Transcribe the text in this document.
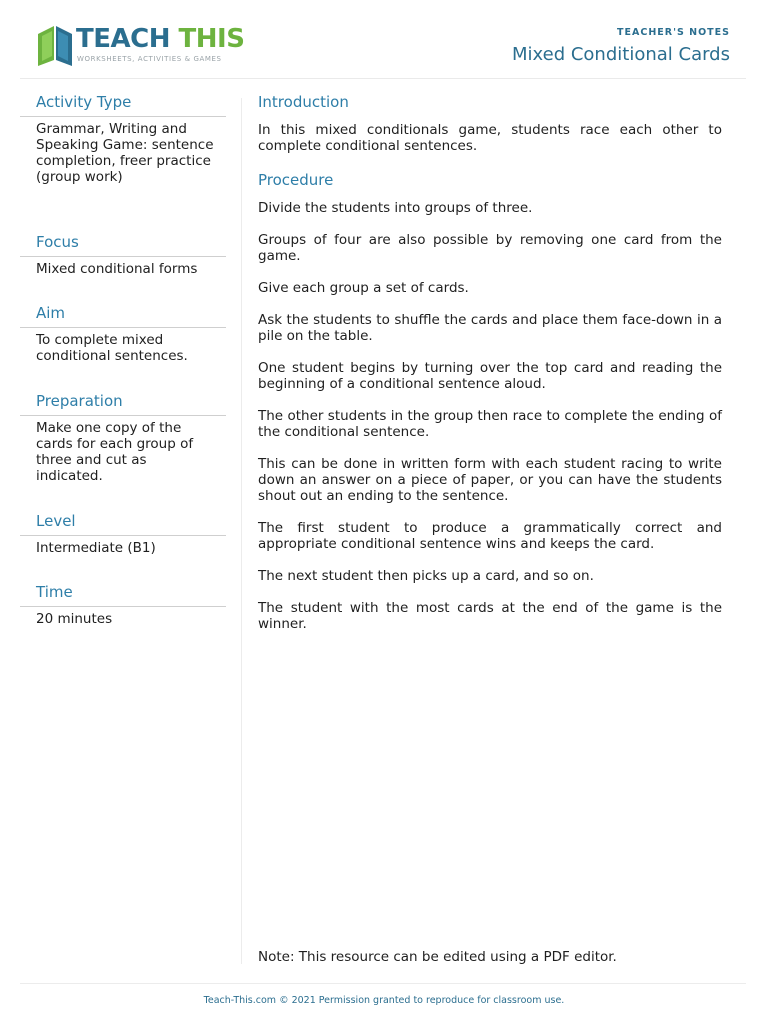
TEACH THIS
WORKSHEETS, ACTIVITIES & GAMES
TEACHER'S NOTES
Mixed Conditional Cards
Activity Type
Grammar, Writing and Speaking Game: sentence completion, freer practice (group work)
Focus
Mixed conditional forms
Aim
To complete mixed conditional sentences.
Preparation
Make one copy of the cards for each group of three and cut as indicated.
Level
Intermediate (B1)
Time
20 minutes
Introduction

In this mixed conditionals game, students race each other to complete conditional sentences.

Procedure

Divide the students into groups of three.

Groups of four are also possible by removing one card from the game.

Give each group a set of cards.

Ask the students to shuffle the cards and place them face-down in a pile on the table.

One student begins by turning over the top card and reading the beginning of a conditional sentence aloud.

The other students in the group then race to complete the ending of the conditional sentence.

This can be done in written form with each student racing to write down an answer on a piece of paper, or you can have the students shout out an ending to the sentence.

The first student to produce a grammatically correct and appropriate conditional sentence wins and keeps the card.

The next student then picks up a card, and so on.

The student with the most cards at the end of the game is the winner.

Note: This resource can be edited using a PDF editor.
Teach-This.com © 2021 Permission granted to reproduce for classroom use.
